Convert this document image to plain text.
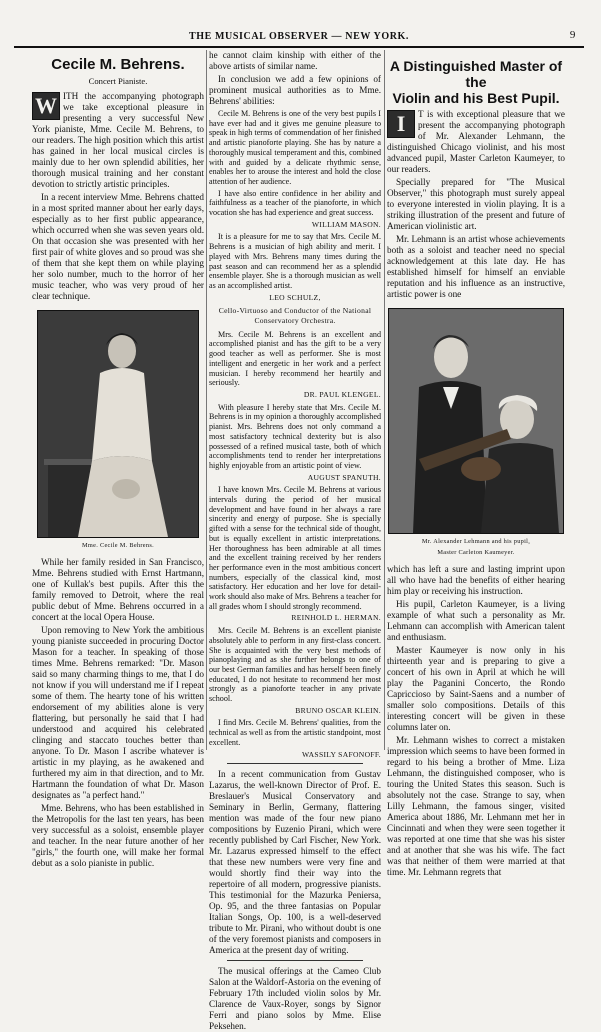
THE MUSICAL OBSERVER — NEW YORK.	9
Cecile M. Behrens.
Concert Pianiste.

W ITH the accompanying photograph we take exceptional pleasure in presenting a very successful New York pianiste, Mme. Cecile M. Behrens, to our readers. The high position which this artist has gained in her local musical circles is mainly due to her own splendid abilities, her thorough musical training and her constant devotion to strictly artistic principles.

In a recent interview Mme. Behrens chatted in a most sprited manner about her early days, especially as to her first public appearance, which occurred when she was seven years old. On that occasion she was presented with her first pair of white gloves and so proud was she of them that she kept them on while playing her solo number, much to the horror of her music teacher, who was very proud of her clear technique.

Mme. Cecile M. Behrens.

While her family resided in San Francisco, Mme. Behrens studied with Ernst Hartmann, one of Kullak's best pupils. After this the family removed to Detroit, where the real public debut of Mme. Behrens occurred in a concert at the local Opera House.

Upon removing to New York the ambitious young pianiste succeeded in procuring Doctor Mason for a teacher. In speaking of those times Mme. Behrens remarked: "Dr. Mason said so many charming things to me, that I do not know if you will understand me if I repeat some of them. The hearty tone of his written endorsement of my abilities alone is very flattering, but personally he said that I had understood and acquired his celebrated clinging and staccato touches better than anyone. To Dr. Mason I ascribe whatever is artistic in my playing, as he awakened and furthered my aim in that direction, and to Mr. Hartmann the foundation of what Dr. Mason designates as "a perfect hand."

Mme. Behrens, who has been established in the Metropolis for the last ten years, has been very successful as a soloist, ensemble player and teacher. In the near future another of her "girls," the fourth one, will make her formal debut as a solo pianiste in public.

he cannot claim kinship with either of the above artists of similar name.

In conclusion we add a few opinions of prominent musical authorities as to Mme. Behrens' abilities:

Cecile M. Behrens is one of the very best pupils I have ever had and it gives me genuine pleasure to speak in high terms of commendation of her finished and artistic pianoforte playing. She has by nature a thoroughly musical temperament and this, combined with and guided by a delicate rhythmic sense, enables her to arouse the interest and hold the close attention of her audience.

I have also entire confidence in her ability and faithfulness as a teacher of the pianoforte, in which vocation she has had experience and great success.

WILLIAM MASON.

It is a pleasure for me to say that Mrs. Cecile M. Behrens is a musician of high ability and merit. I played with Mrs. Behrens many times during the past season and can recommend her as a splendid ensemble player. She is a thorough musician as well as an accomplished artist.

LEO SCHULZ,
Cello-Virtuoso and Conductor of the National Conservatory Orchestra.

Mrs. Cecile M. Behrens is an excellent and accomplished pianist and has the gift to be a very good teacher as well as performer. She is most intelligent and energetic in her work and a perfect musician. I hereby recommend her heartily and seriously.

DR. PAUL KLENGEL.

With pleasure I hereby state that Mrs. Cecile M. Behrens is in my opinion a thoroughly accomplished pianist. Mrs. Behrens does not only command a most satisfactory technical dexterity but is also possessed of a refined musical taste, both of which accomplishments tend to render her interpretations highly enjoyable from an artistic point of view.

AUGUST SPANUTH.

I have known Mrs. Cecile M. Behrens at various intervals during the period of her musical development and have found in her always a rare sincerity and energy of purpose. She is specially gifted with a sense for the technical side of thought, but is equally excellent in artistic interpretations. Her thoroughness has been admirable at all times and the excellent training received by her renders her performance even in the most ambitious concert numbers, especially of the classical kind, most satisfactory. Her education and her love for detail-work should also make of Mrs. Behrens a teacher for all grades whom I should strongly recommend.

REINHOLD L. HERMAN.

Mrs. Cecile M. Behrens is an excellent pianiste absolutely able to perform in any first-class concert. She is acquainted with the very best methods of pianoplaying and as she further belongs to one of our best German families and has herself been finely educated, I do not hesitate to recommend her most strongly as a pianoforte teacher in any private school.

BRUNO OSCAR KLEIN.

I find Mrs. Cecile M. Behrens' qualities, from the technical as well as from the artistic standpoint, most excellent.

WASSILY SAFONOFF.

In a recent communication from Gustav Lazarus, the well-known Director of Prof. E. Breslauer's Musical Conservatory and Seminary in Berlin, Germany, flattering mention was made of the four new piano compositions by Euzenio Pirani, which were recently published by Carl Fischer, New York. Mr. Lazarus expressed himself to the effect that these new numbers were very fine and would shortly find their way into the repertoire of all modern, progressive pianists. This testimonial for the Mazurka Peniersa, Op. 95, and the three fantasias on Popular Italian Songs, Op. 100, is a well-deserved tribute to Mr. Pirani, who without doubt is one of the very foremost pianists and composers in America at the present day of writing.

The musical offerings at the Cameo Club Salon at the Waldorf-Astoria on the evening of February 17th included violin solos by Mr. Clarence de Vaux-Royer, songs by Signor Ferri and piano solos by Mme. Elise Peksehen.

A Distinguished Master of the
Violin and his Best Pupil.

I	T is with exceptional pleasure that we present the accompanying photograph of Mr. Alexander Lehmann, the distinguished Chicago violinist, and his most advanced pupil, Master Carleton Kaumeyer, to our readers.

Specially prepared for "The Musical Observer," this photograph must surely appeal to everyone interested in violin playing. It is a striking illustration of the present and future of American violinistic art.

Mr. Lehmann is an artist whose achievements both as a soloist and teacher need no special acknowledgement at this late day. He has established himself for himself an enviable reputation and his influence as an instructive, artistic power is one

Mr. Alexander Lehmann and his pupil,
Master Carleton Kaumeyer.

which has left a sure and lasting imprint upon all who have had the benefits of either hearing him play or receiving his instruction.

His pupil, Carleton Kaumeyer, is a living example of what such a personality as Mr. Lehmann can accomplish with American talent and enthusiasm.

Master Kaumeyer is now only in his thirteenth year and is preparing to give a concert of his own in April at which he will play the Paganini Concerto, the Rondo Capriccioso by Saint-Saens and a number of smaller solo compositions. Details of this interesting concert will be given in these columns later on.

Mr. Lehmann wishes to correct a mistaken impression which seems to have been formed in regard to his being a brother of Mme. Liza Lehmann, the distinguished composer, who is touring the United States this season. Such is absolutely not the case. Strange to say, when Lilly Lehmann, the famous singer, visited America about 1886, Mr. Lehmann met her in Cincinnati and when they were seen together it was reported at one time that she was his sister and at another that she was his wife. The fact was that neither of them were married at that time. Mr. Lehmann regrets that
